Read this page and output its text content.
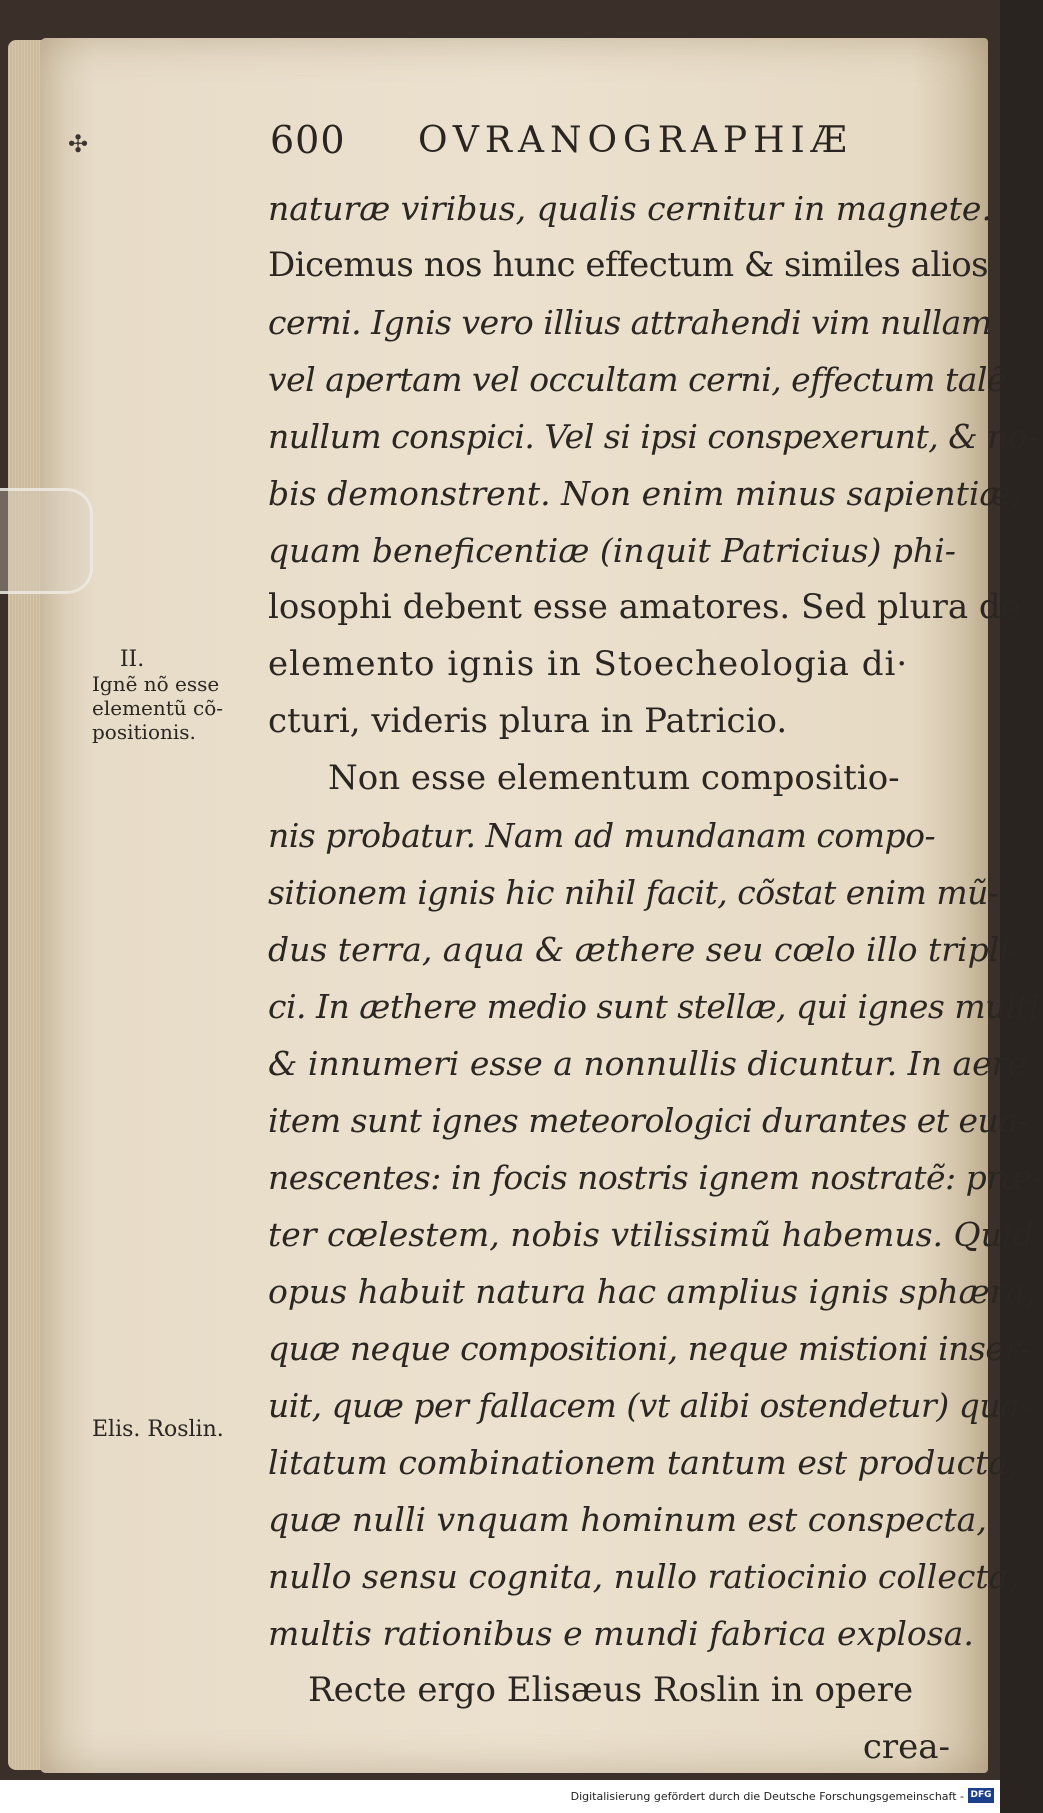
✣	600 OVRANOGRAPHIÆ
naturæ viribus, qualis cernitur in magnete.
Dicemus nos hunc effectum & similes alios
cerni. Ignis vero illius attrahendi vim nullam
vel apertam vel occultam cerni, effectum talẽ
nullum conspici. Vel si ipsi conspexerunt, & no-
bis demonstrent. Non enim minus sapientiæ,
quam beneficentiæ (inquit Patricius) phi-
losophi debent esse amatores. Sed plura de
elemento ignis in Stoecheologia di·
cturi, videris plura in Patricio.
Non esse elementum compositio-
nis probatur. Nam ad mundanam compo-
sitionem ignis hic nihil facit, cõstat enim mũ-
dus terra, aqua & æthere seu cœlo illo tripli-
ci. In æthere medio sunt stellæ, qui ignes multi
& innumeri esse a nonnullis dicuntur. In aere
item sunt ignes meteorologici durantes et eua-
nescentes: in focis nostris ignem nostratẽ: præ-
ter cœlestem, nobis vtilissimũ habemus. Quid
opus habuit natura hac amplius ignis sphæra,
quæ neque compositioni, neque mistioni inser-
uit, quæ per fallacem (vt alibi ostendetur) qua-
litatum combinationem tantum est producta,
quæ nulli vnquam hominum est conspecta,
nullo sensu cognita, nullo ratiocinio collecta,
multis rationibus e mundi fabrica explosa.
Recte ergo Elisæus Roslin in opere
crea-
II.
Ignẽ nõ esse
elementũ cõ-
positionis.
Elis. Roslin.
Digitalisierung gefördert durch die Deutsche Forschungsgemeinschaft - DFG
